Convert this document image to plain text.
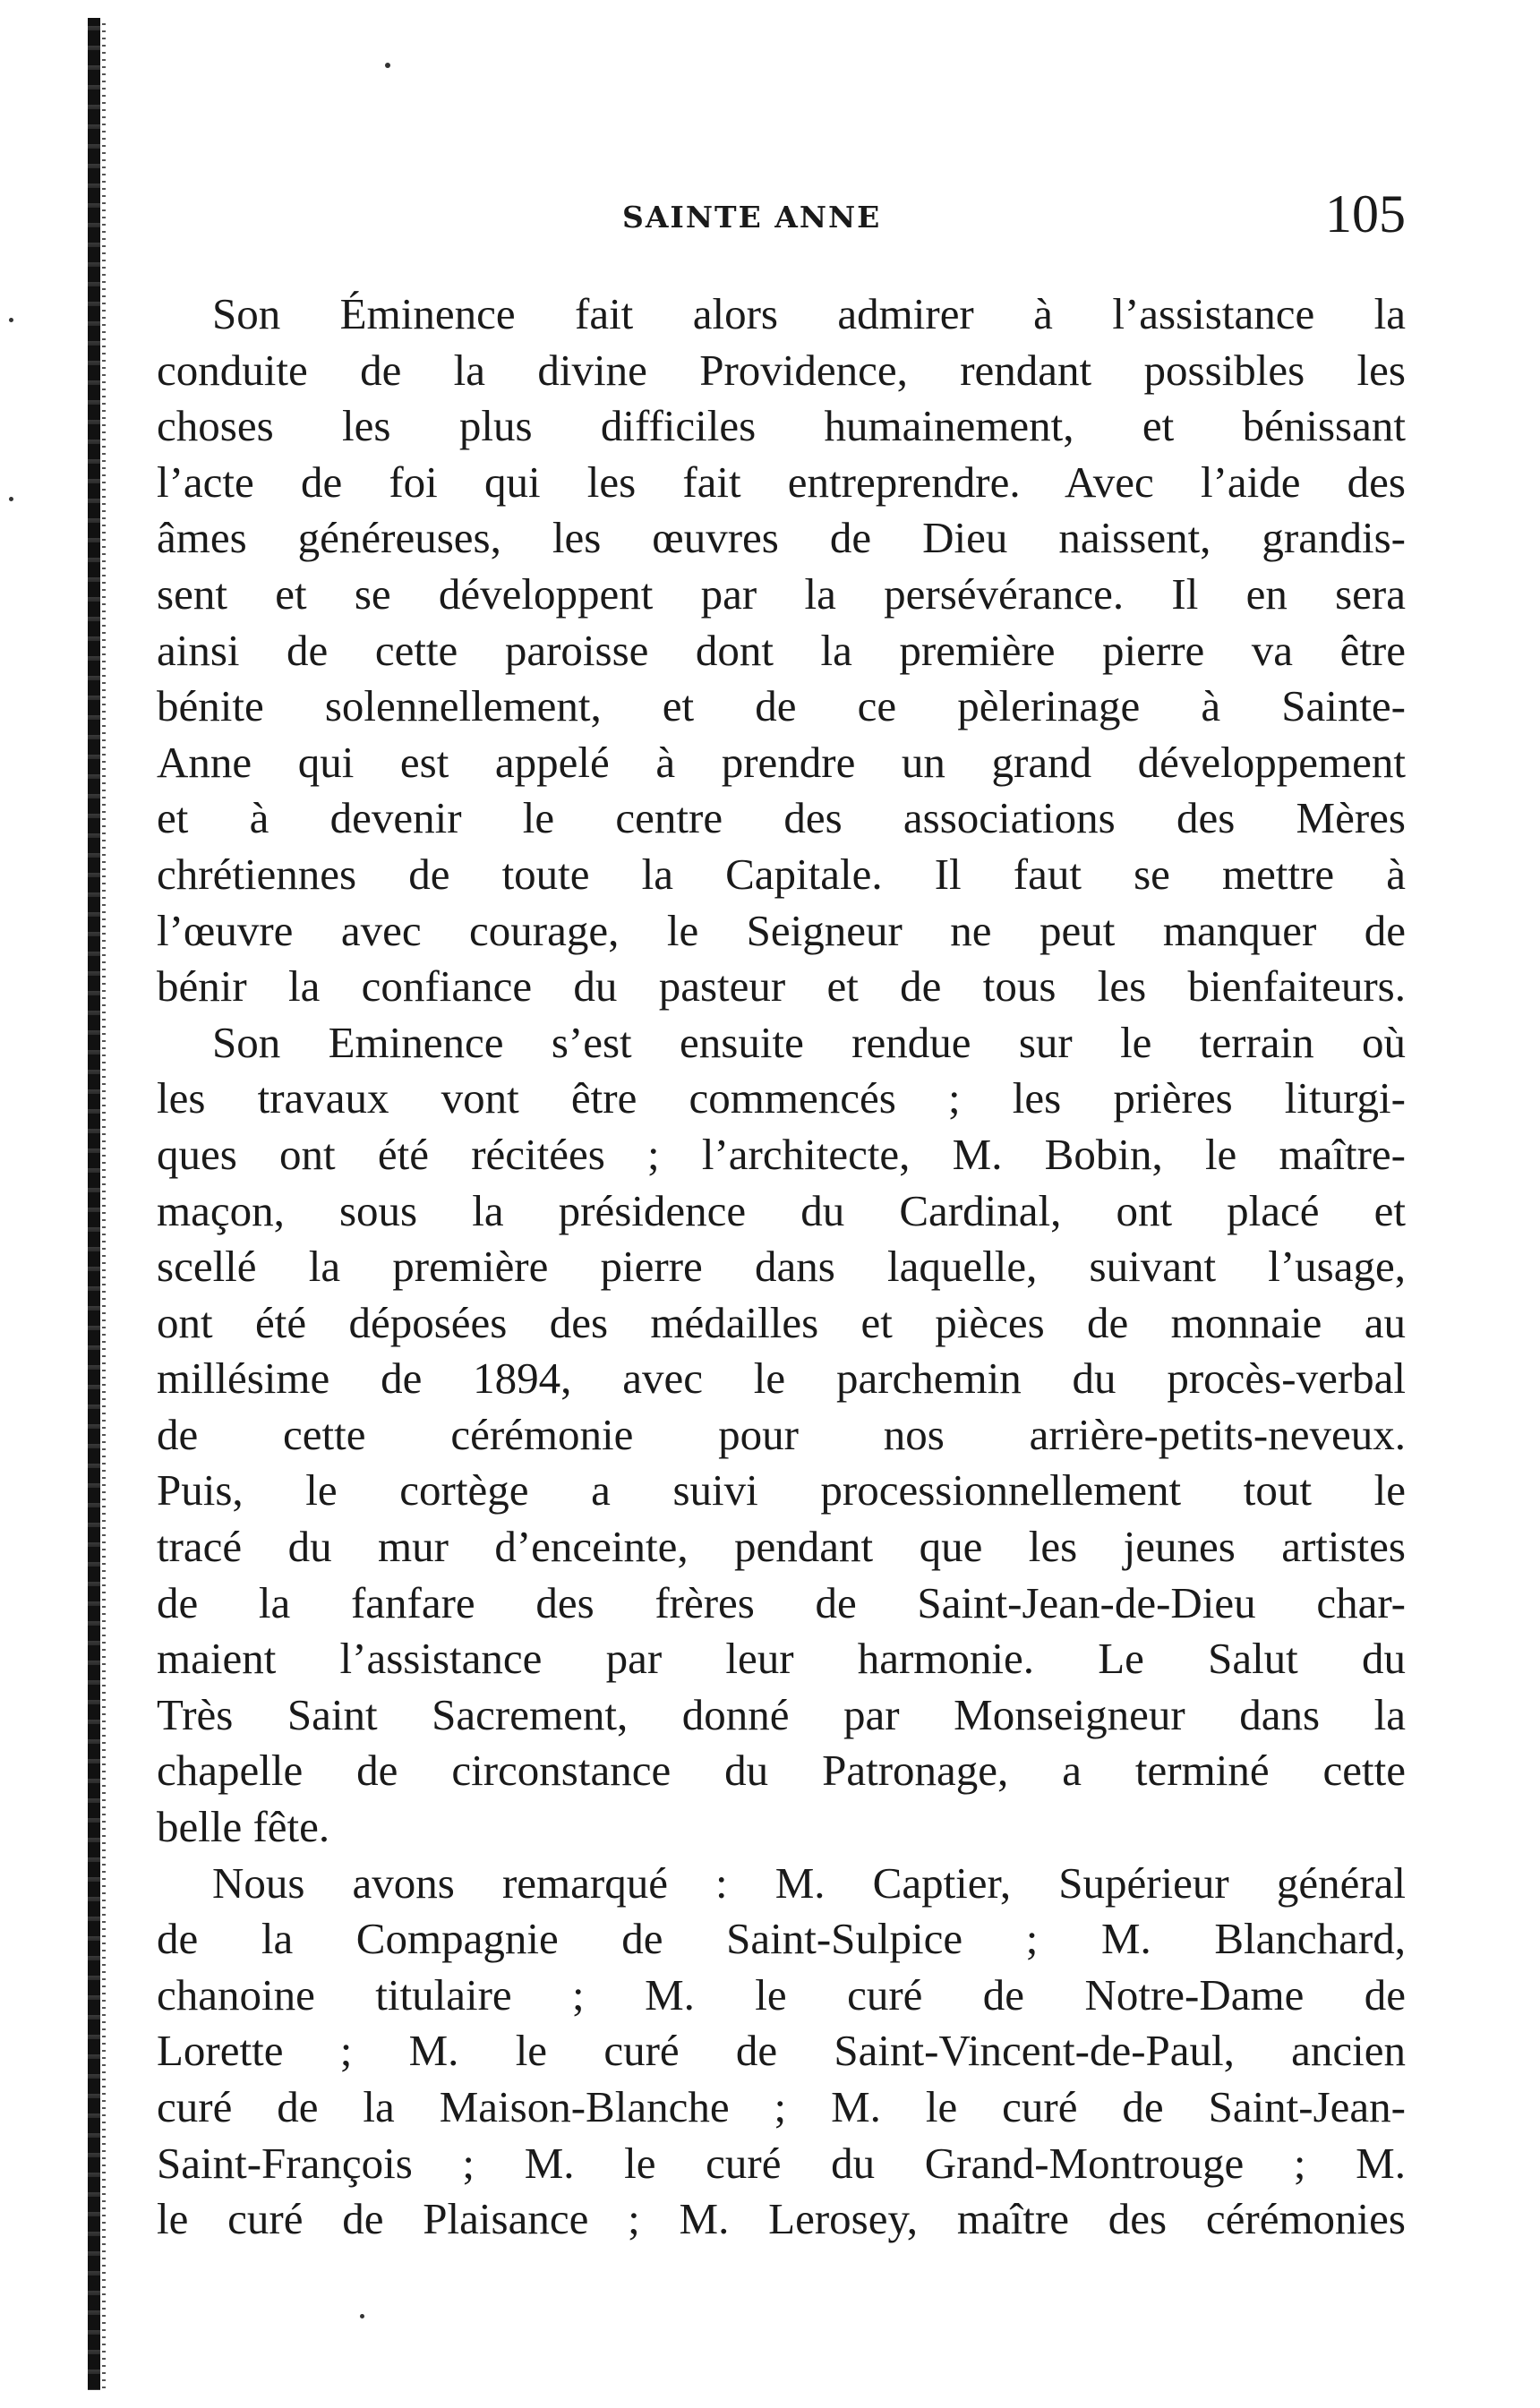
SAINTE ANNE	105

Son Éminence fait alors admirer à l’assistance la
conduite de la divine Providence, rendant possibles les
choses les plus difficiles humainement, et bénissant
l’acte de foi qui les fait entreprendre. Avec l’aide des
âmes généreuses, les œuvres de Dieu naissent, grandis-
sent et se développent par la persévérance. Il en sera
ainsi de cette paroisse dont la première pierre va être
bénite solennellement, et de ce pèlerinage à Sainte-
Anne qui est appelé à prendre un grand développement
et à devenir le centre des associations des Mères
chrétiennes de toute la Capitale. Il faut se mettre à
l’œuvre avec courage, le Seigneur ne peut manquer de
bénir la confiance du pasteur et de tous les bienfaiteurs.

Son Eminence s’est ensuite rendue sur le terrain où
les travaux vont être commencés ; les prières liturgi-
ques ont été récitées ; l’architecte, M. Bobin, le maître-
maçon, sous la présidence du Cardinal, ont placé et
scellé la première pierre dans laquelle, suivant l’usage,
ont été déposées des médailles et pièces de monnaie au
millésime de 1894, avec le parchemin du procès-verbal
de cette cérémonie pour nos arrière-petits-neveux.
Puis, le cortège a suivi processionnellement tout le
tracé du mur d’enceinte, pendant que les jeunes artistes
de la fanfare des frères de Saint-Jean-de-Dieu char-
maient l’assistance par leur harmonie. Le Salut du
Très Saint Sacrement, donné par Monseigneur dans la
chapelle de circonstance du Patronage, a terminé cette
belle fête.

Nous avons remarqué : M. Captier, Supérieur général
de la Compagnie de Saint-Sulpice ; M. Blanchard,
chanoine titulaire ; M. le curé de Notre-Dame de
Lorette ; M. le curé de Saint-Vincent-de-Paul, ancien
curé de la Maison-Blanche ; M. le curé de Saint-Jean-
Saint-François ; M. le curé du Grand-Montrouge ; M.
le curé de Plaisance ; M. Lerosey, maître des cérémonies
